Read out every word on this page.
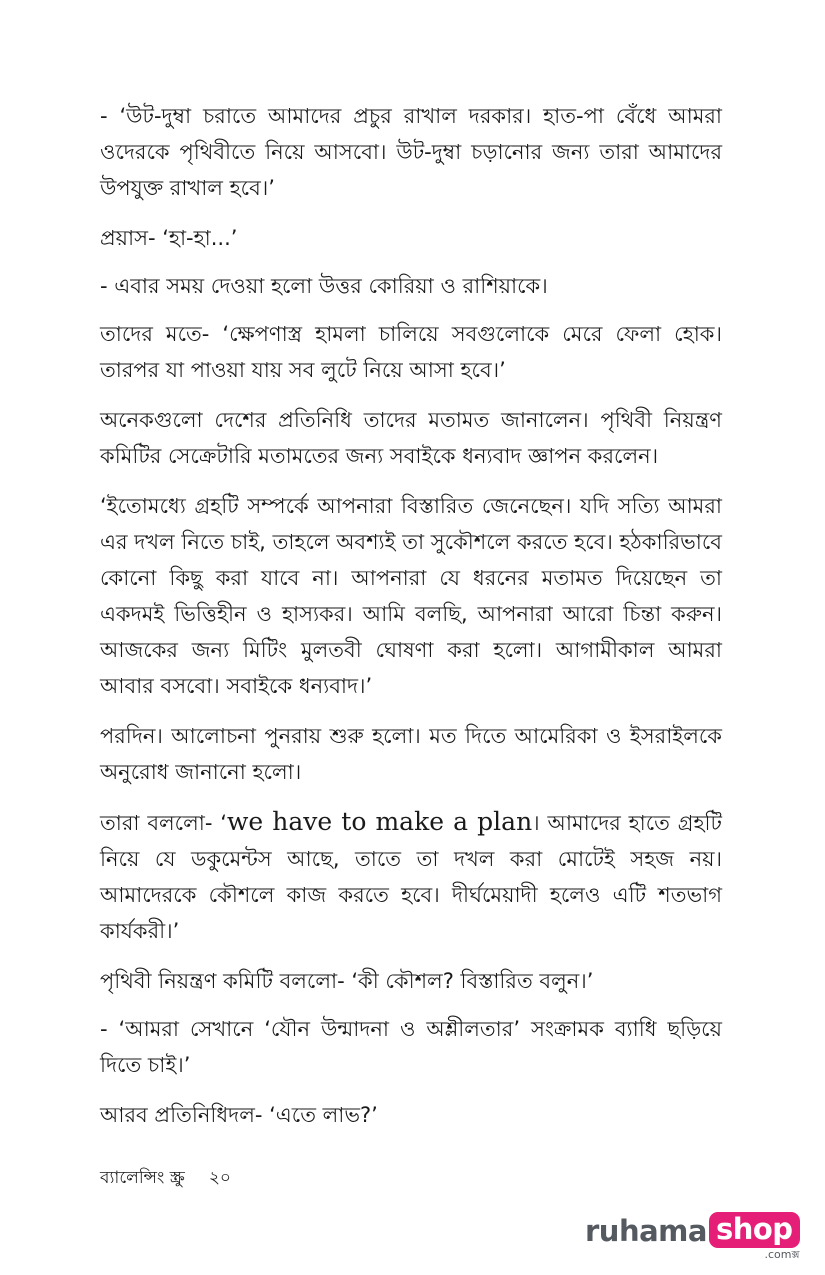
- ‘উট-দুম্বা চরাতে আমাদের প্রচুর রাখাল দরকার। হাত-পা বেঁধে আমরা ওদেরকে পৃথিবীতে নিয়ে আসবো। উট-দুম্বা চড়ানোর জন্য তারা আমাদের উপযুক্ত রাখাল হবে।’

প্রয়াস- ‘হা-হা...’

- এবার সময় দেওয়া হলো উত্তর কোরিয়া ও রাশিয়াকে।

তাদের মতে- ‘ক্ষেপণাস্ত্র হামলা চালিয়ে সবগুলোকে মেরে ফেলা হোক। তারপর যা পাওয়া যায় সব লুটে নিয়ে আসা হবে।’

অনেকগুলো দেশের প্রতিনিধি তাদের মতামত জানালেন। পৃথিবী নিয়ন্ত্রণ কমিটির সেক্রেটারি মতামতের জন্য সবাইকে ধন্যবাদ জ্ঞাপন করলেন।

‘ইতোমধ্যে গ্রহটি সম্পর্কে আপনারা বিস্তারিত জেনেছেন। যদি সত্যি আমরা এর দখল নিতে চাই, তাহলে অবশ্যই তা সুকৌশলে করতে হবে। হঠকারিভাবে কোনো কিছু করা যাবে না। আপনারা যে ধরনের মতামত দিয়েছেন তা একদমই ভিত্তিহীন ও হাস্যকর। আমি বলছি, আপনারা আরো চিন্তা করুন। আজকের জন্য মিটিং মুলতবী ঘোষণা করা হলো। আগামীকাল আমরা আবার বসবো। সবাইকে ধন্যবাদ।’

পরদিন। আলোচনা পুনরায় শুরু হলো। মত দিতে আমেরিকা ও ইসরাইলকে অনুরোধ জানানো হলো।

তারা বললো- ‘we have to make a plan। আমাদের হাতে গ্রহটি নিয়ে যে ডকুমেন্টস আছে, তাতে তা দখল করা মোটেই সহজ নয়। আমাদেরকে কৌশলে কাজ করতে হবে। দীর্ঘমেয়াদী হলেও এটি শতভাগ কার্যকরী।’

পৃথিবী নিয়ন্ত্রণ কমিটি বললো- ‘কী কৌশল? বিস্তারিত বলুন।’

- ‘আমরা সেখানে ‘যৌন উন্মাদনা ও অশ্লীলতার’ সংক্রামক ব্যাধি ছড়িয়ে দিতে চাই।’

আরব প্রতিনিধিদল- ‘এতে লাভ?’

ব্যালেন্সিং স্ক্রু ২০
ruhama shop
.comক্স
